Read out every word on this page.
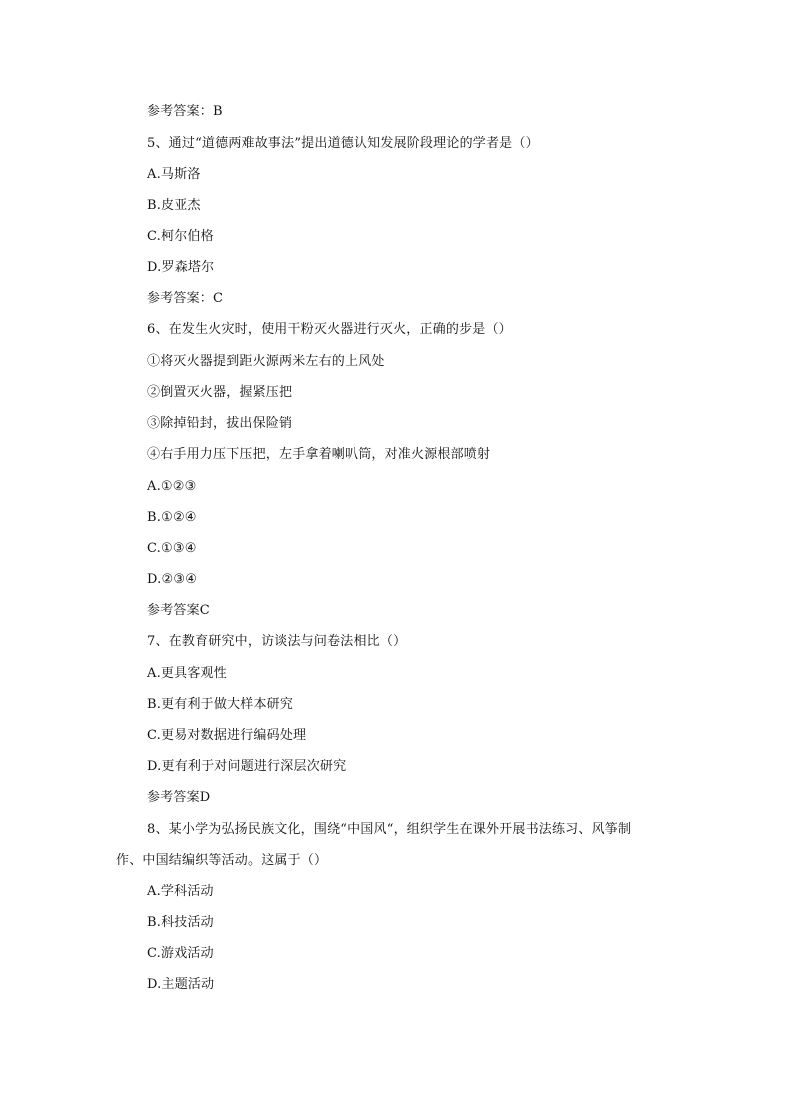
参考答案：B
5、通过“道德两难故事法”提出道德认知发展阶段理论的学者是（）
A.马斯洛
B.皮亚杰
C.柯尔伯格
D.罗森塔尔
参考答案：C
6、在发生火灾时，使用干粉灭火器进行灭火，正确的步是（）
①将灭火器提到距火源两米左右的上风处
②倒置灭火器，握紧压把
③除掉铅封，拔出保险销
④右手用力压下压把，左手拿着喇叭筒，对准火源根部喷射
A.①②③
B.①②④
C.①③④
D.②③④
参考答案C
7、在教育研究中，访谈法与问卷法相比（）
A.更具客观性
B.更有利于做大样本研究
C.更易对数据进行编码处理
D.更有利于对问题进行深层次研究
参考答案D
8、某小学为弘扬民族文化，围绕“中国风“，组织学生在课外开展书法练习、风筝制
作、中国结编织等活动。这属于（）
A.学科活动
B.科技活动
C.游戏活动
D.主题活动
